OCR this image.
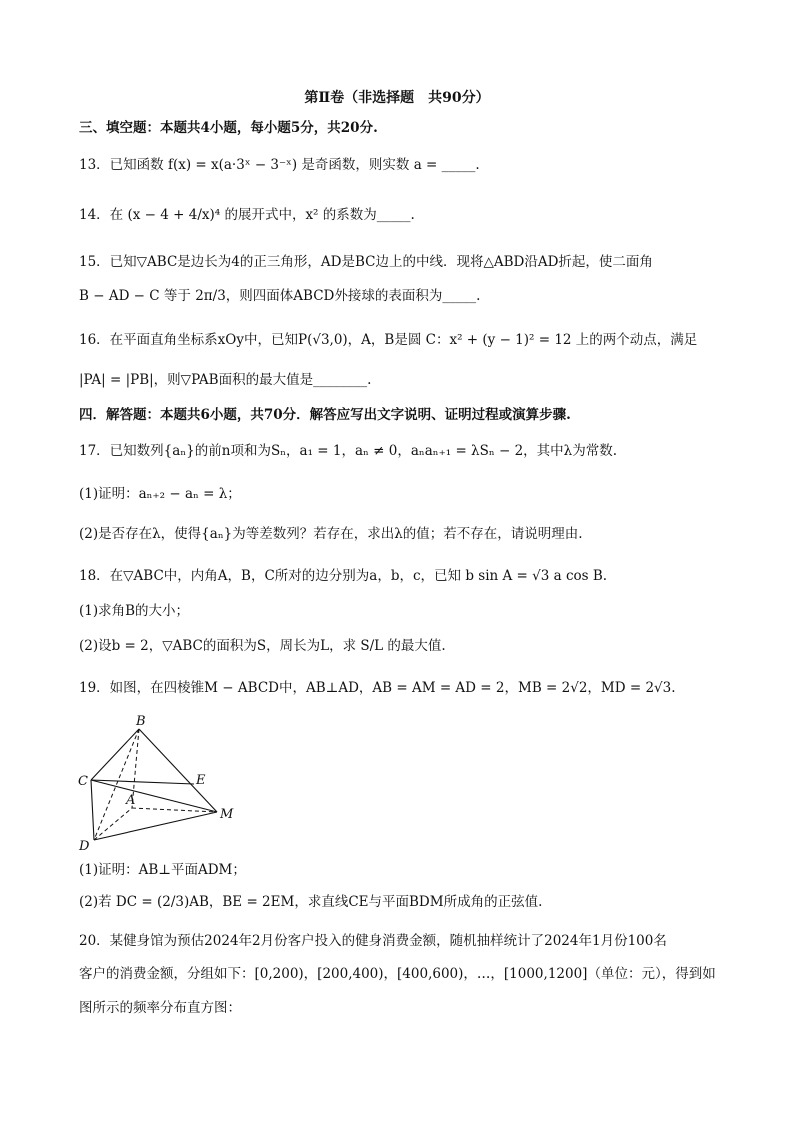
第Ⅱ卷（非选择题　共90分）
三、填空题：本题共4小题，每小题5分，共20分.
13．已知函数 f(x) = x(a·3ˣ − 3⁻ˣ) 是奇函数，则实数 a = _____.
14．在 (x − 4 + 4/x)⁴ 的展开式中，x² 的系数为_____.
15．已知▽ABC是边长为4的正三角形，AD是BC边上的中线．现将△ABD沿AD折起，使二面角
B − AD − C 等于 2π/3，则四面体ABCD外接球的表面积为_____.
16．在平面直角坐标系xOy中，已知P(√3,0)，A，B是圆 C：x² + (y − 1)² = 12 上的两个动点，满足
|PA| = |PB|，则▽PAB面积的最大值是________.
四．解答题：本题共6小题，共70分．解答应写出文字说明、证明过程或演算步骤.
17．已知数列{aₙ}的前n项和为Sₙ，a₁ = 1，aₙ ≠ 0，aₙaₙ₊₁ = λSₙ − 2，其中λ为常数.
(1)证明：aₙ₊₂ − aₙ = λ；
(2)是否存在λ，使得{aₙ}为等差数列？若存在，求出λ的值；若不存在，请说明理由.
18．在▽ABC中，内角A，B，C所对的边分别为a，b，c，已知 b sin A = √3 a cos B.
(1)求角B的大小；
(2)设b = 2，▽ABC的面积为S，周长为L，求 S/L 的最大值.
19．如图，在四棱锥M − ABCD中，AB⊥AD，AB = AM = AD = 2，MB = 2√2，MD = 2√3.
B
C	E
A
M
D
(1)证明：AB⊥平面ADM；
(2)若 DC = (2/3)AB，BE = 2EM，求直线CE与平面BDM所成角的正弦值.
20．某健身馆为预估2024年2月份客户投入的健身消费金额，随机抽样统计了2024年1月份100名
客户的消费金额，分组如下：[0,200)，[200,400)，[400,600)，…，[1000,1200]（单位：元），得到如
图所示的频率分布直方图：
